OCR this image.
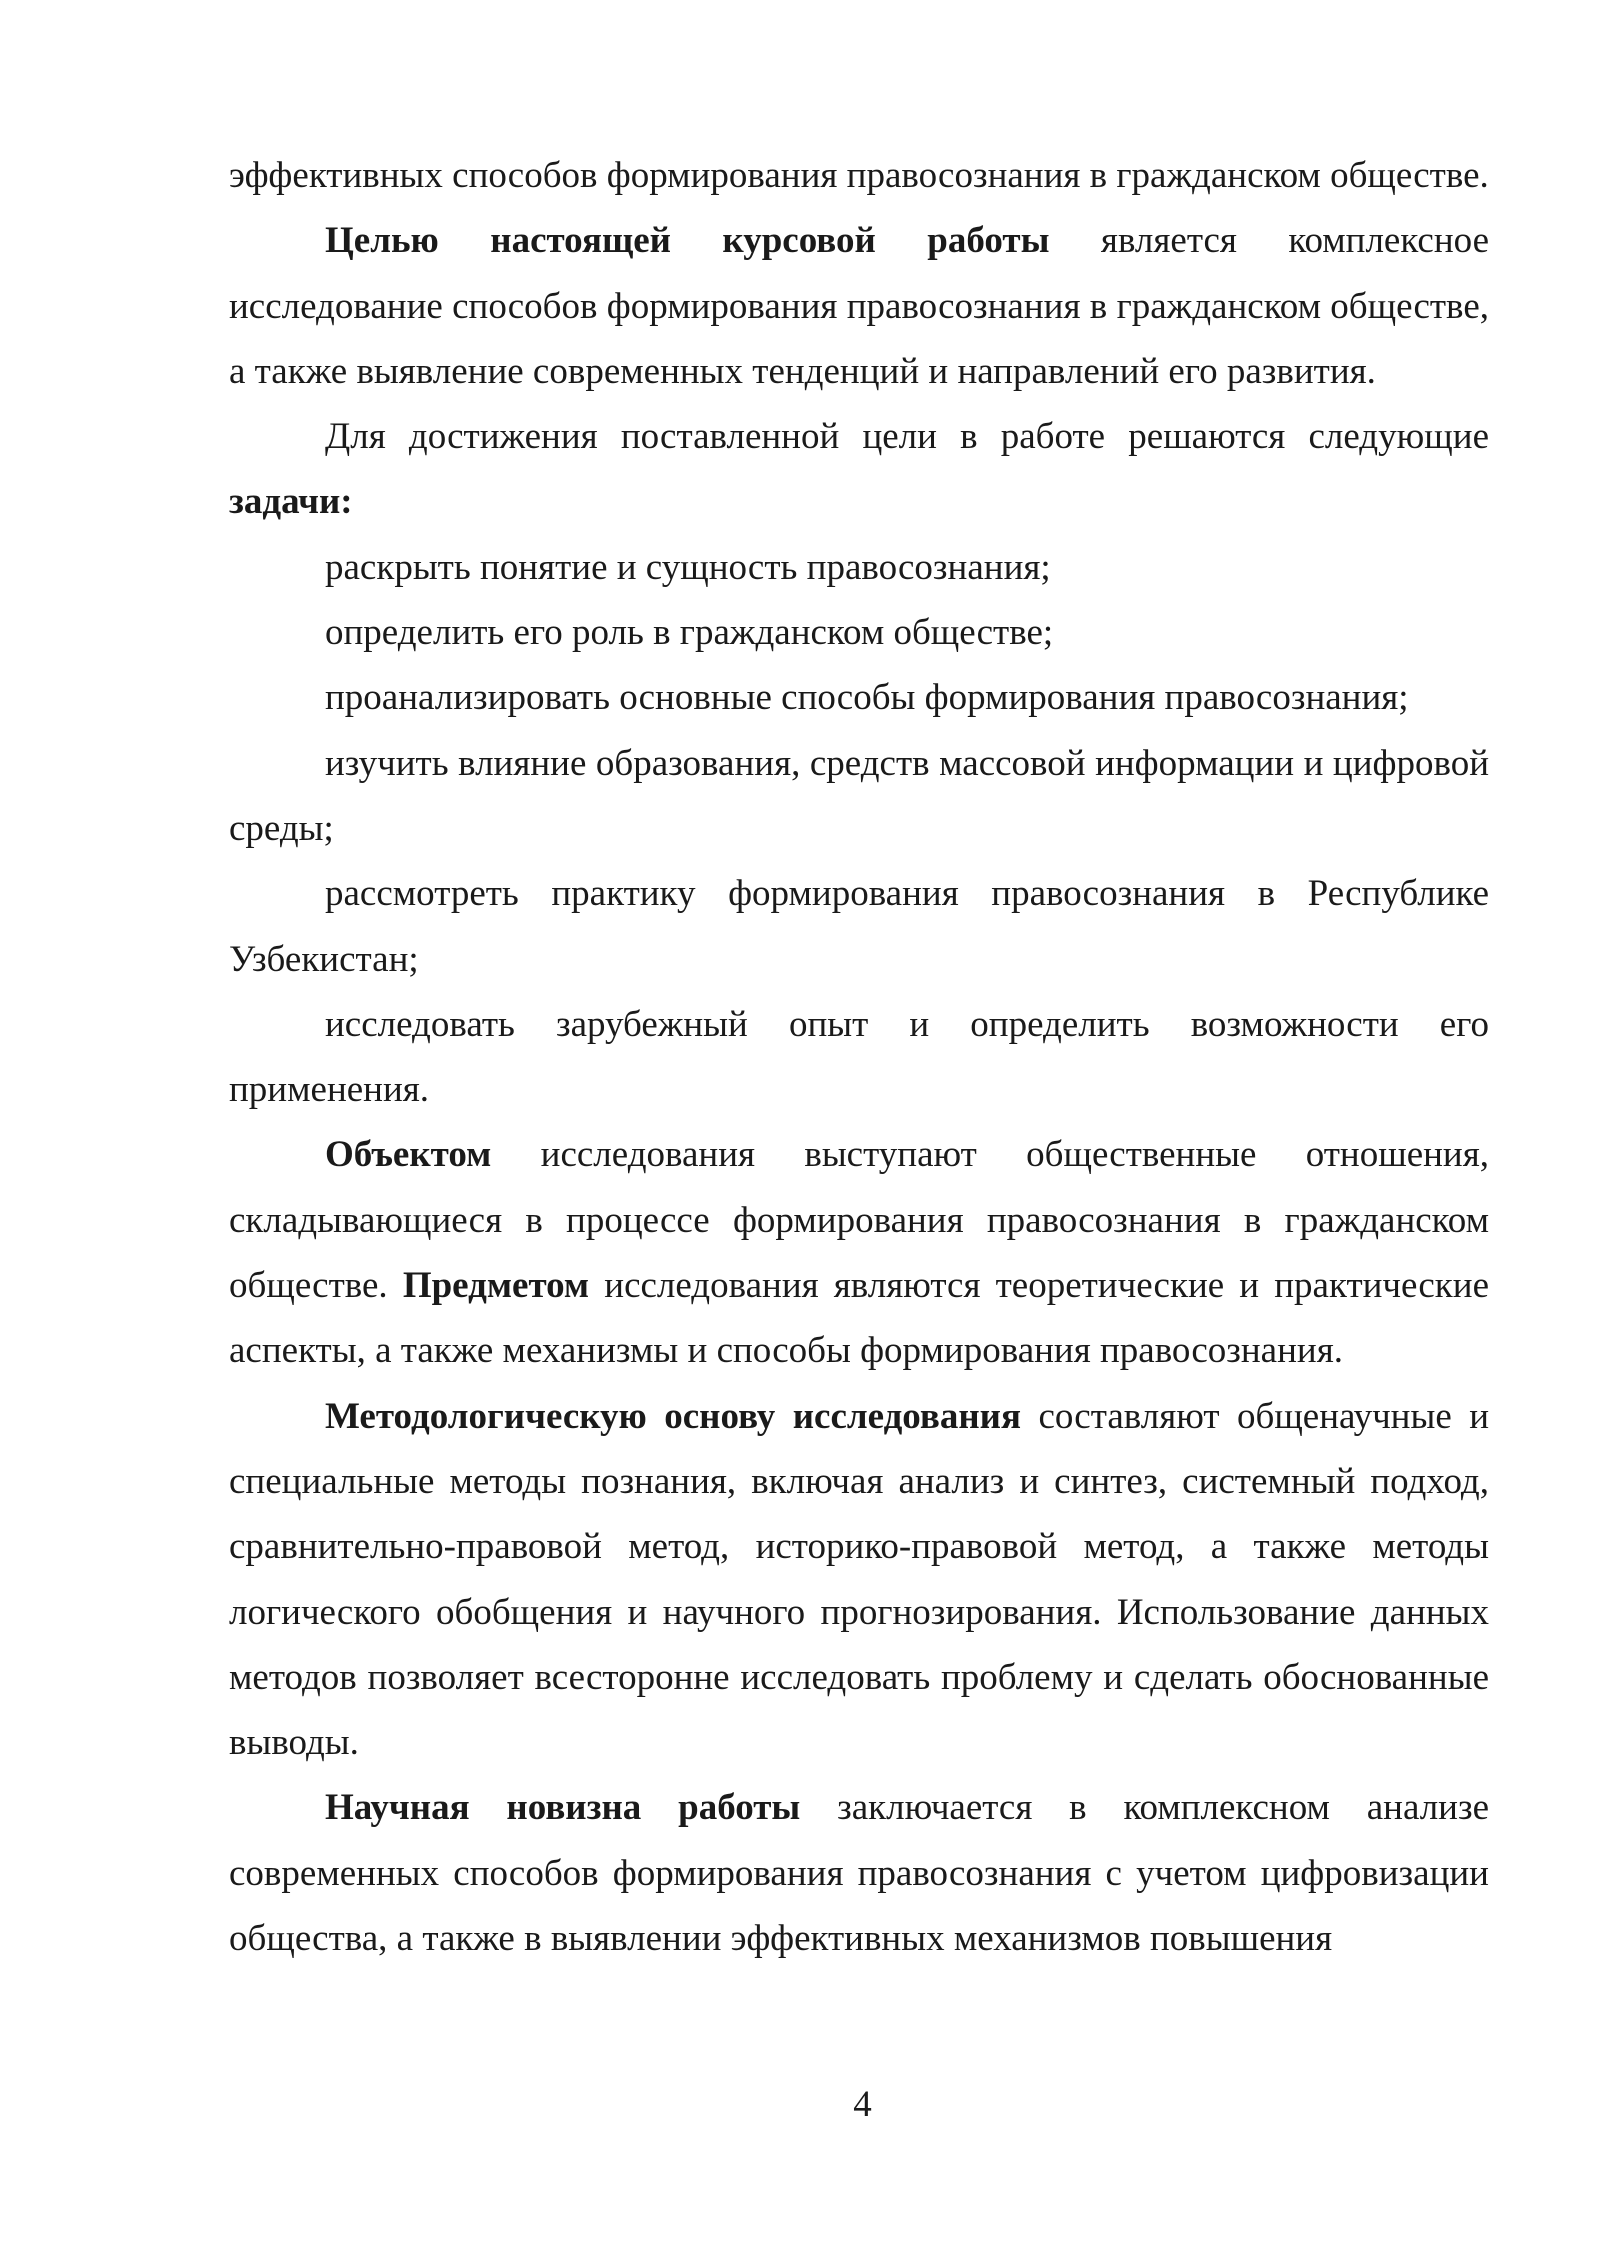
эффективных способов формирования правосознания в гражданском обществе.

Целью настоящей курсовой работы является комплексное исследование способов формирования правосознания в гражданском обществе, а также выявление современных тенденций и направлений его развития.

Для достижения поставленной цели в работе решаются следующие задачи:

раскрыть понятие и сущность правосознания;

определить его роль в гражданском обществе;

проанализировать основные способы формирования правосознания;

изучить влияние образования, средств массовой информации и цифровой среды;

рассмотреть практику формирования правосознания в Республике Узбекистан;

исследовать зарубежный опыт и определить возможности его применения.

Объектом исследования выступают общественные отношения, складывающиеся в процессе формирования правосознания в гражданском обществе. Предметом исследования являются теоретические и практические аспекты, а также механизмы и способы формирования правосознания.

Методологическую основу исследования составляют общенаучные и специальные методы познания, включая анализ и синтез, системный подход, сравнительно-правовой метод, историко-правовой метод, а также методы логического обобщения и научного прогнозирования. Использование данных методов позволяет всесторонне исследовать проблему и сделать обоснованные выводы.

Научная новизна работы заключается в комплексном анализе современных способов формирования правосознания с учетом цифровизации общества, а также в выявлении эффективных механизмов повышения

4
